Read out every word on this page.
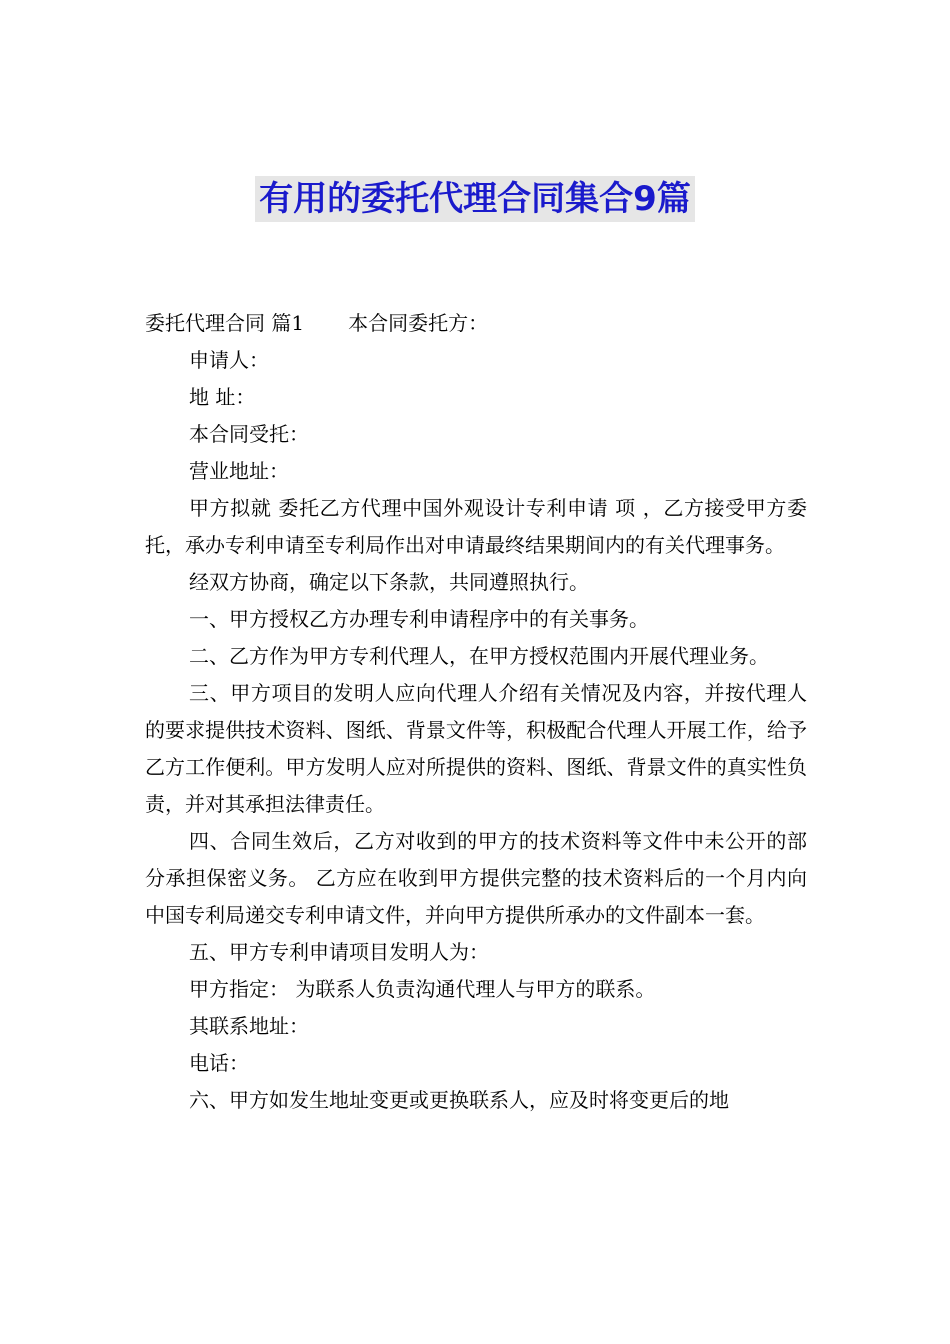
有用的委托代理合同集合9篇

委托代理合同 篇1 本合同委托方：

申请人：

地 址：

本合同受托：

营业地址：

甲方拟就 委托乙方代理中国外观设计专利申请 项 ，乙方接受甲方委托，承办专利申请至专利局作出对申请最终结果期间内的有关代理事务。

经双方协商，确定以下条款，共同遵照执行。

一、甲方授权乙方办理专利申请程序中的有关事务。

二、乙方作为甲方专利代理人，在甲方授权范围内开展代理业务。

三、甲方项目的发明人应向代理人介绍有关情况及内容，并按代理人的要求提供技术资料、图纸、背景文件等，积极配合代理人开展工作，给予乙方工作便利。甲方发明人应对所提供的资料、图纸、背景文件的真实性负责，并对其承担法律责任。

四、合同生效后，乙方对收到的甲方的技术资料等文件中未公开的部分承担保密义务。 乙方应在收到甲方提供完整的技术资料后的一个月内向中国专利局递交专利申请文件，并向甲方提供所承办的文件副本一套。

五、甲方专利申请项目发明人为：

甲方指定： 为联系人负责沟通代理人与甲方的联系。

其联系地址：

电话：

六、甲方如发生地址变更或更换联系人，应及时将变更后的地
